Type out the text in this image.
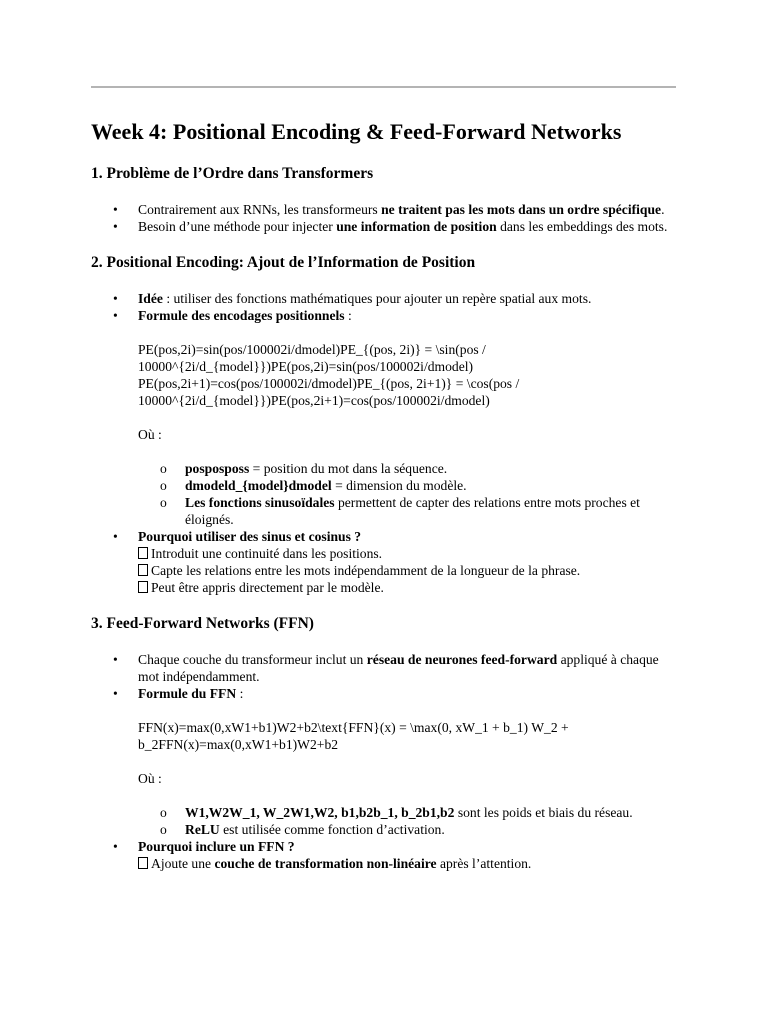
Week 4: Positional Encoding & Feed-Forward Networks
1. Problème de l’Ordre dans Transformers
• Contrairement aux RNNs, les transformeurs ne traitent pas les mots dans un ordre spécifique.
• Besoin d’une méthode pour injecter une information de position dans les embeddings des mots.
2. Positional Encoding: Ajout de l’Information de Position
• Idée : utiliser des fonctions mathématiques pour ajouter un repère spatial aux mots.
• Formule des encodages positionnels :
PE(pos,2i)=sin(pos/100002i/dmodel)PE_{(pos, 2i)} = \sin(pos /
10000^{2i/d_{model}})PE(pos,2i)=sin(pos/100002i/dmodel)
PE(pos,2i+1)=cos(pos/100002i/dmodel)PE_{(pos, 2i+1)} = \cos(pos /
10000^{2i/d_{model}})PE(pos,2i+1)=cos(pos/100002i/dmodel)
Où :
o posposposs = position du mot dans la séquence.
o dmodeld_{model}dmodel = dimension du modèle.
o Les fonctions sinusoïdales permettent de capter des relations entre mots proches et éloignés.
• Pourquoi utiliser des sinus et cosinus ?
Introduit une continuité dans les positions.
Capte les relations entre les mots indépendamment de la longueur de la phrase.
Peut être appris directement par le modèle.
3. Feed-Forward Networks (FFN)
• Chaque couche du transformeur inclut un réseau de neurones feed-forward appliqué à chaque mot indépendamment.
• Formule du FFN :
FFN(x)=max(0,xW1+b1)W2+b2\text{FFN}(x) = \max(0, xW_1 + b_1) W_2 +
b_2FFN(x)=max(0,xW1+b1)W2+b2
Où :
o W1,W2W_1, W_2W1,W2, b1,b2b_1, b_2b1,b2 sont les poids et biais du réseau.
o ReLU est utilisée comme fonction d’activation.
• Pourquoi inclure un FFN ?
Ajoute une couche de transformation non-linéaire après l’attention.
